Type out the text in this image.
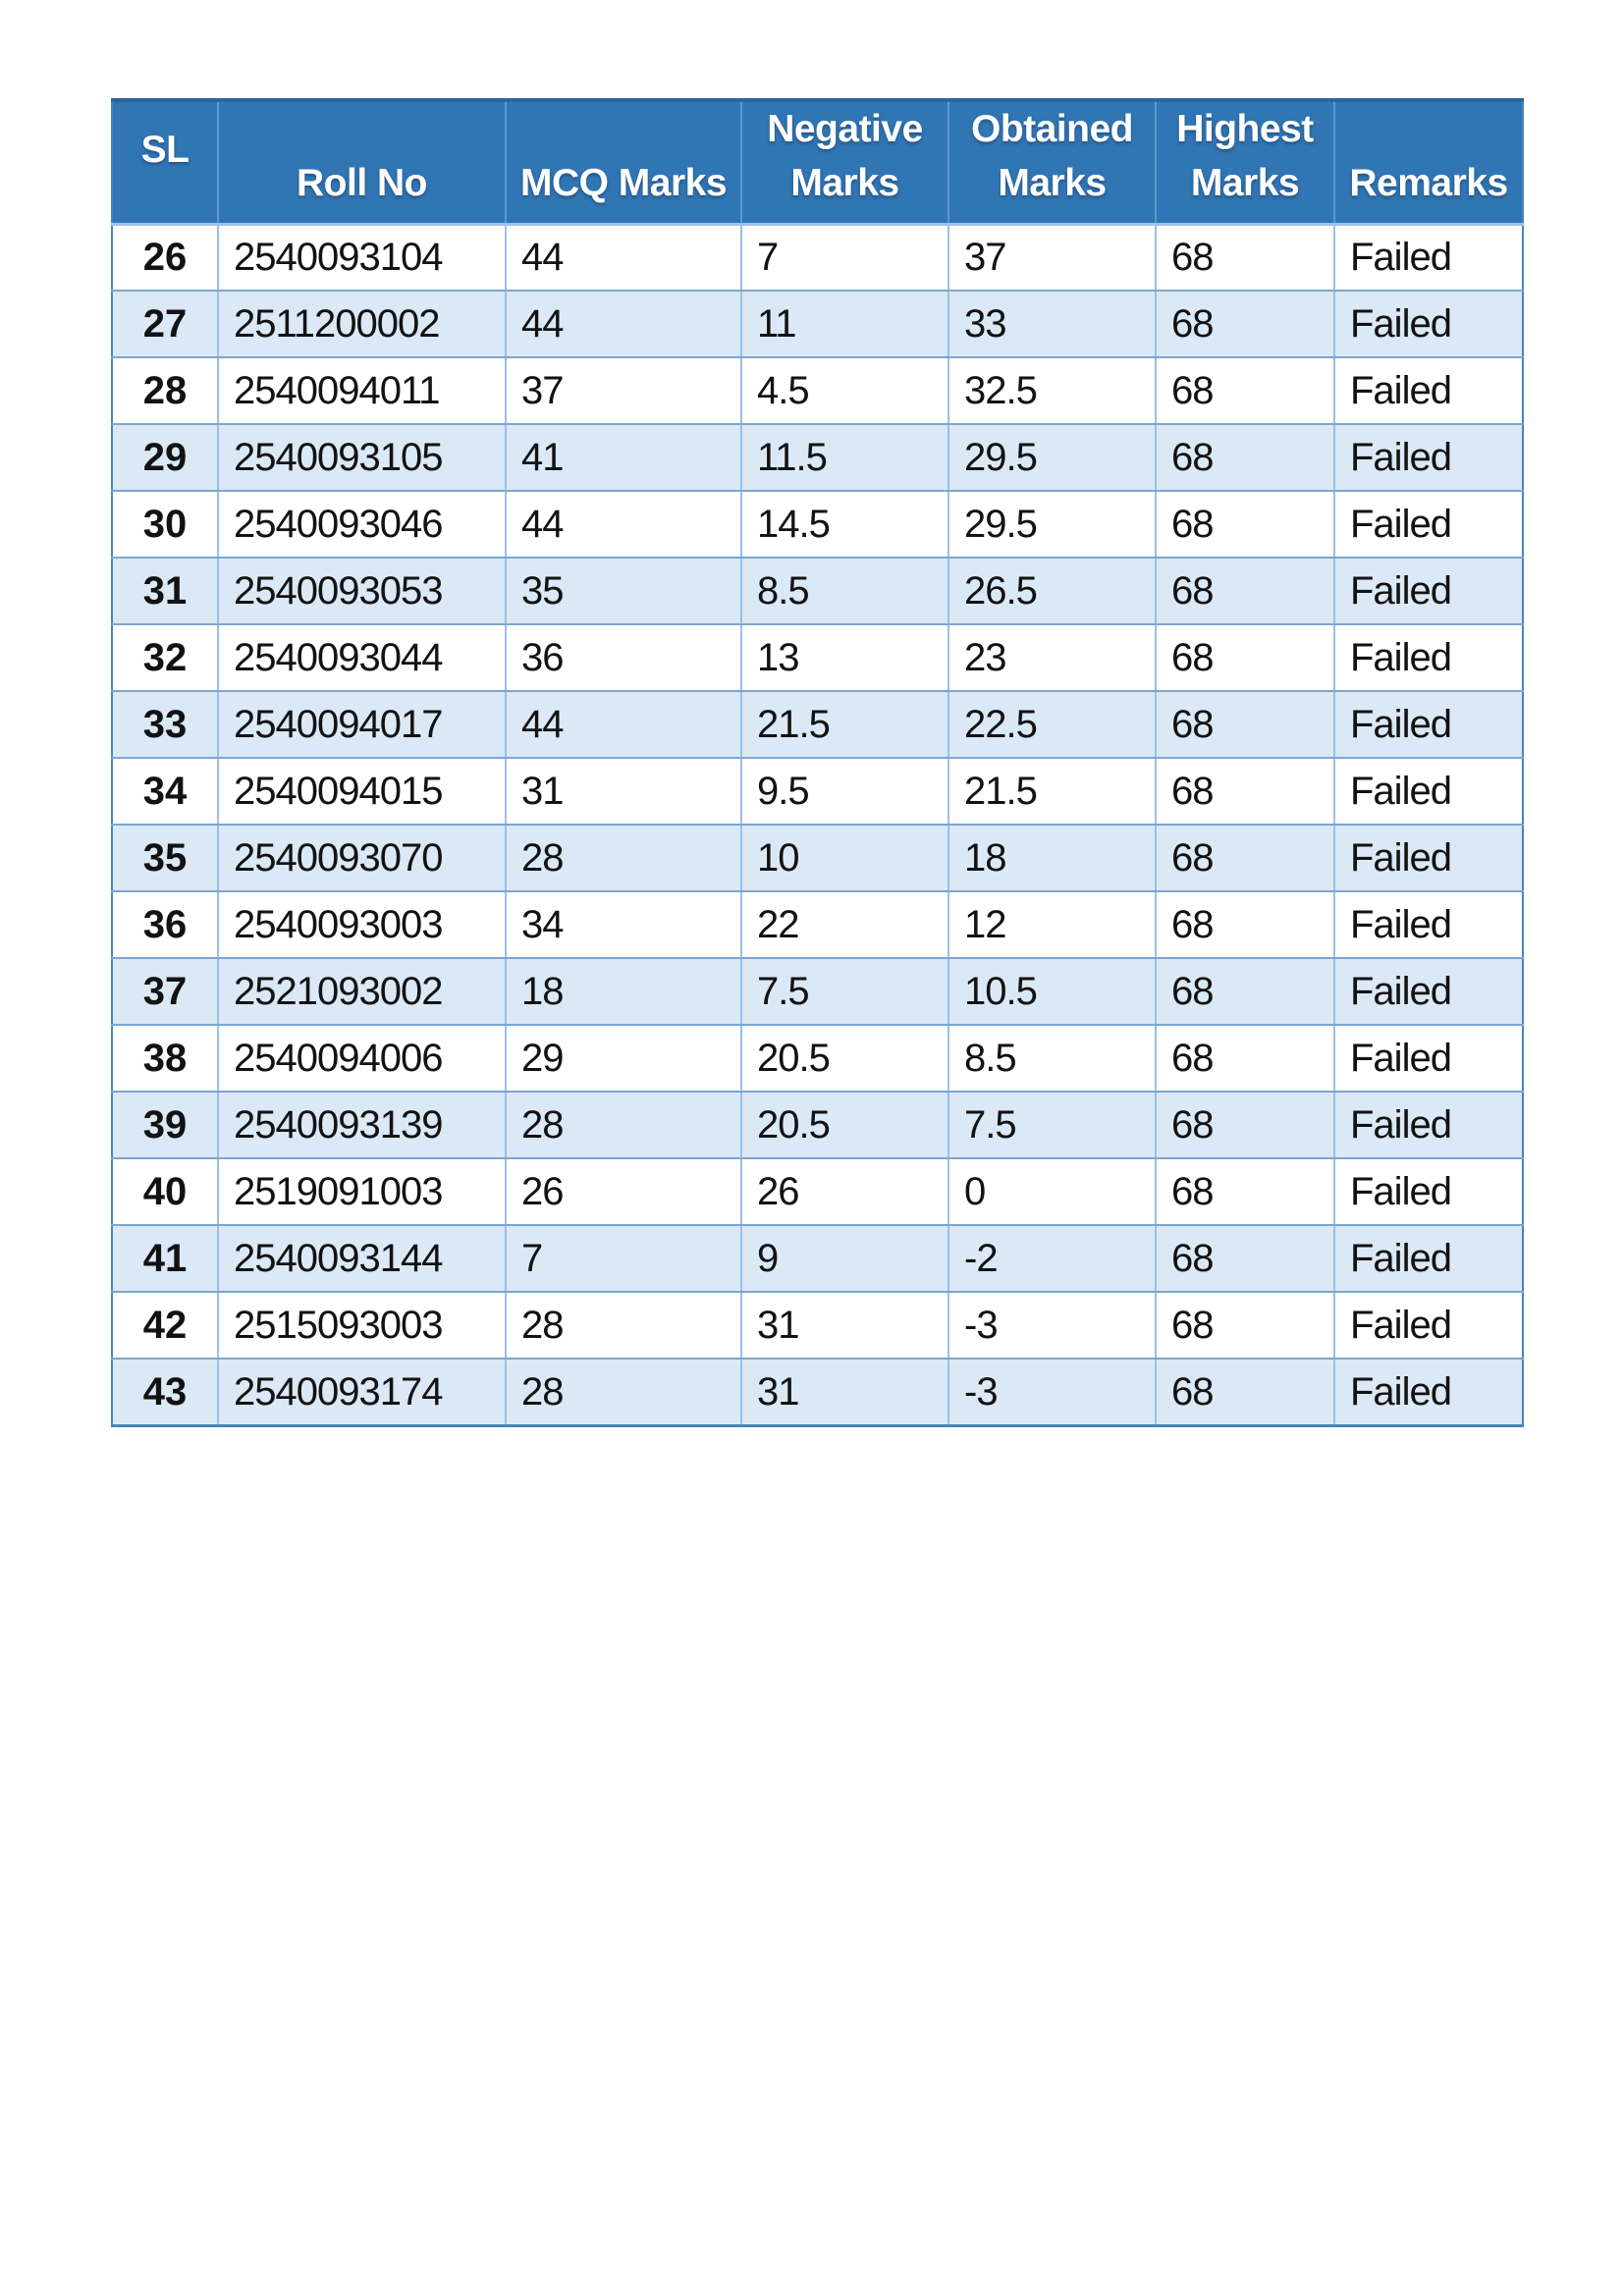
SL	Roll No	MCQ Marks	Negative Marks	Obtained Marks	Highest Marks	Remarks
26	2540093104	44	7	37	68	Failed
27	2511200002	44	11	33	68	Failed
28	2540094011	37	4.5	32.5	68	Failed
29	2540093105	41	11.5	29.5	68	Failed
30	2540093046	44	14.5	29.5	68	Failed
31	2540093053	35	8.5	26.5	68	Failed
32	2540093044	36	13	23	68	Failed
33	2540094017	44	21.5	22.5	68	Failed
34	2540094015	31	9.5	21.5	68	Failed
35	2540093070	28	10	18	68	Failed
36	2540093003	34	22	12	68	Failed
37	2521093002	18	7.5	10.5	68	Failed
38	2540094006	29	20.5	8.5	68	Failed
39	2540093139	28	20.5	7.5	68	Failed
40	2519091003	26	26	0	68	Failed
41	2540093144	7	9	-2	68	Failed
42	2515093003	28	31	-3	68	Failed
43	2540093174	28	31	-3	68	Failed
